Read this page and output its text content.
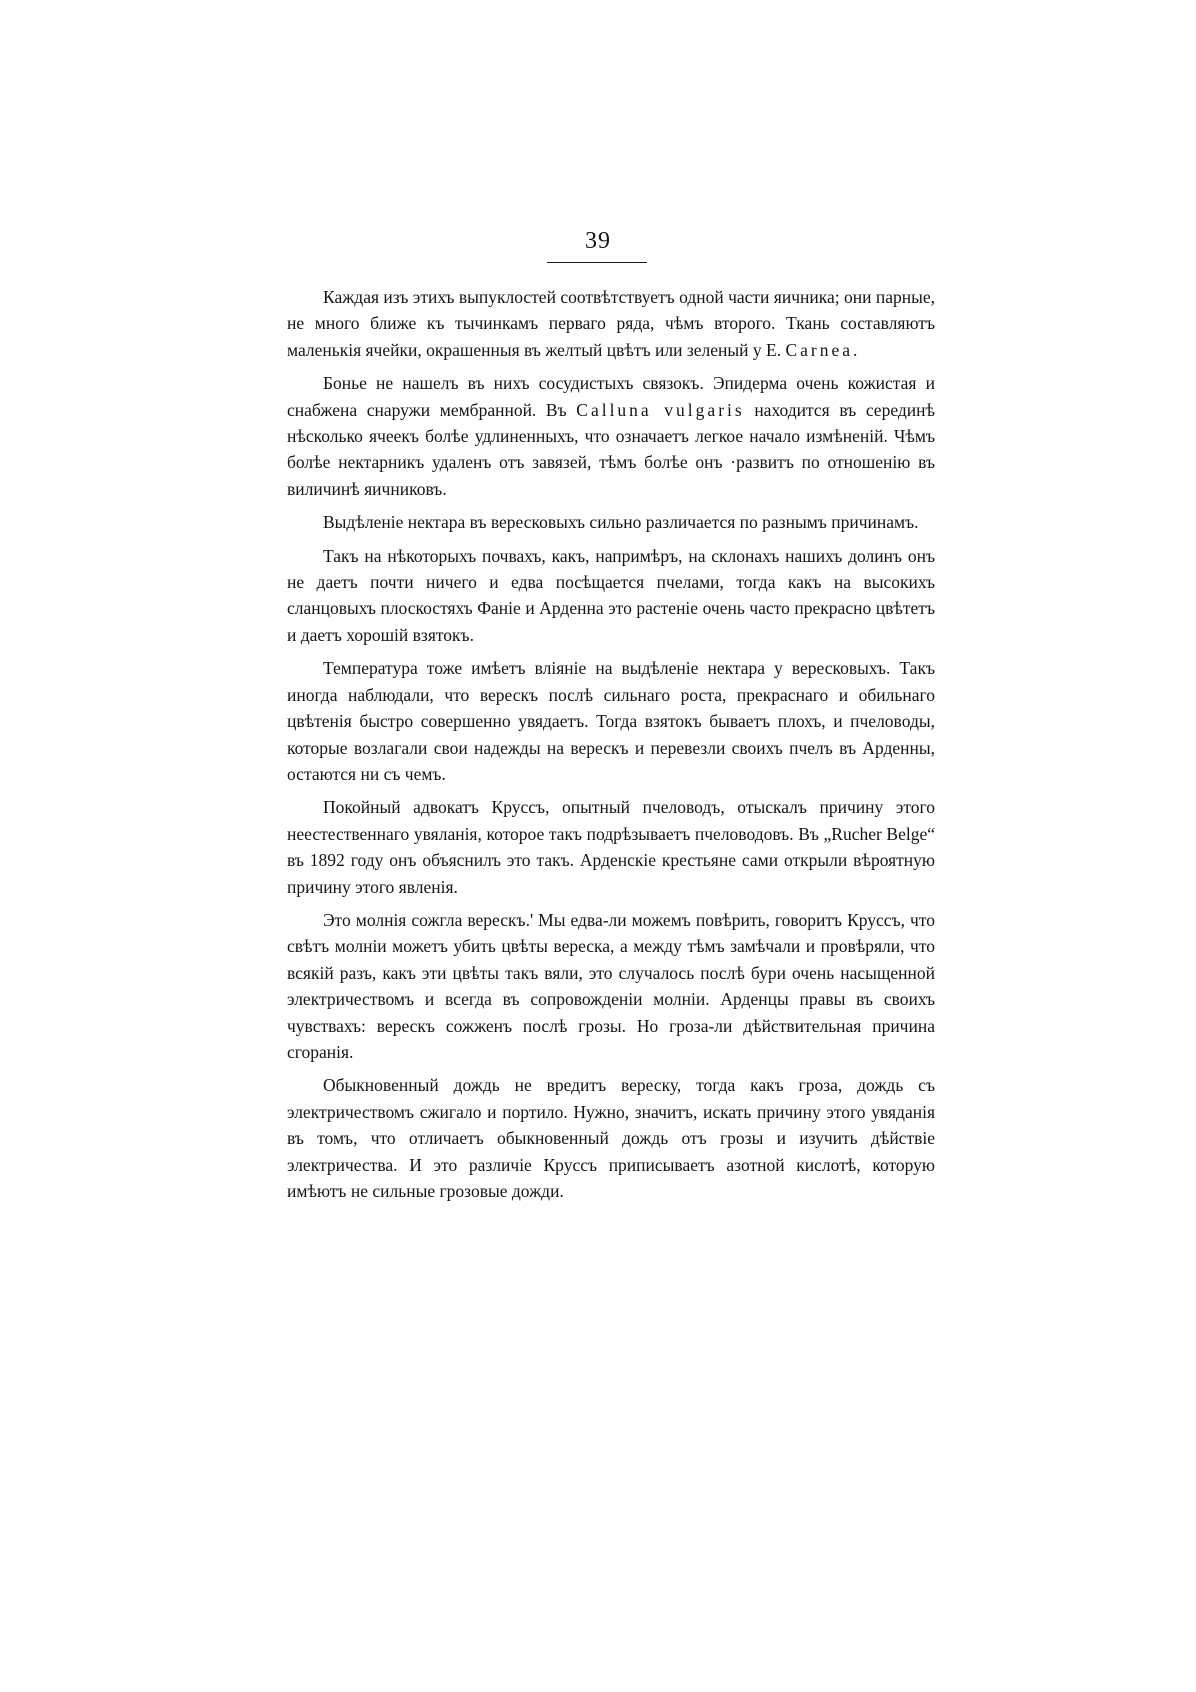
39

Каждая изъ этихъ выпуклостей соотвѣтствуетъ одной части яичника; они парные, не много ближе къ тычинкамъ перваго ряда, чѣмъ второго. Ткань составляютъ маленькія ячейки, окрашенныя въ желтый цвѣтъ или зеленый у Е. Carnea.

Бонье не нашелъ въ нихъ сосудистыхъ связокъ. Эпидерма очень кожистая и снабжена снаружи мембранной. Въ Calluna vulgaris находится въ серединѣ нѣсколько ячеекъ болѣе удлиненныхъ, что означаетъ легкое начало измѣненій. Чѣмъ болѣе нектарникъ удаленъ отъ завязей, тѣмъ болѣе онъ ·развитъ по отношенію въ виличинѣ яичниковъ.

Выдѣленіе нектара въ вересковыхъ сильно различается по разнымъ причинамъ.

Такъ на нѣкоторыхъ почвахъ, какъ, напримѣръ, на склонахъ нашихъ долинъ онъ не даетъ почти ничего и едва посѣщается пчелами, тогда какъ на высокихъ сланцовыхъ плоскостяхъ Фаніе и Арденна это растеніе очень часто прекрасно цвѣтетъ и даетъ хорошій взятокъ.

Температура тоже имѣетъ вліяніе на выдѣленіе нектара у вересковыхъ. Такъ иногда наблюдали, что верескъ послѣ сильнаго роста, прекраснаго и обильнаго цвѣтенія быстро совершенно увядаетъ. Тогда взятокъ бываетъ плохъ, и пчеловоды, которые возлагали свои надежды на верескъ и перевезли своихъ пчелъ въ Арденны, остаются ни съ чемъ.

Покойный адвокатъ Круссъ, опытный пчеловодъ, отыскалъ причину этого неестественнаго увяланія, которое такъ подрѣзываетъ пчеловодовъ. Въ „Rucher Belge“ въ 1892 году онъ объяснилъ это такъ. Арденскіе крестьяне сами открыли вѣроятную причину этого явленія.

Это молнія сожгла верескъ.' Мы едва-ли можемъ повѣрить, говоритъ Круссъ, что свѣтъ молніи можетъ убить цвѣты вереска, а между тѣмъ замѣчали и провѣряли, что всякій разъ, какъ эти цвѣты такъ вяли, это случалось послѣ бури очень насыщенной электричествомъ и всегда въ сопровожденіи молніи. Арденцы правы въ своихъ чувствахъ: верескъ сожженъ послѣ грозы. Но гроза-ли дѣйствительная причина сгоранія.

Обыкновенный дождь не вредитъ вереску, тогда какъ гроза, дождь съ электричествомъ сжигало и портило. Нужно, значитъ, искать причину этого увяданія въ томъ, что отличаетъ обыкновенный дождь отъ грозы и изучить дѣйствіе электричества. И это различіе Круссъ приписываетъ азотной кислотѣ, которую имѣютъ не сильные грозовые дожди.
